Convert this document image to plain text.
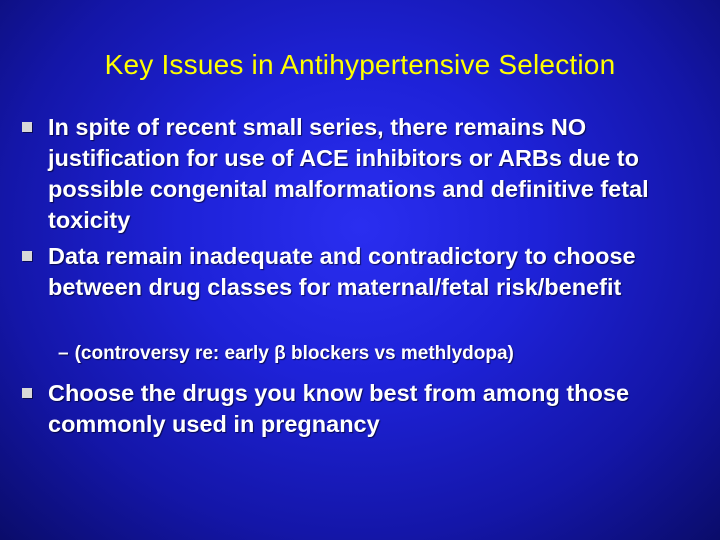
Key Issues in Antihypertensive Selection
In spite of recent small series, there remains NO justification for use of ACE inhibitors or ARBs due to possible congenital malformations and definitive fetal toxicity
Data remain inadequate and contradictory to choose between drug classes for maternal/fetal risk/benefit
– (controversy re: early β blockers vs methlydopa)
Choose the drugs you know best from among those commonly used in pregnancy
